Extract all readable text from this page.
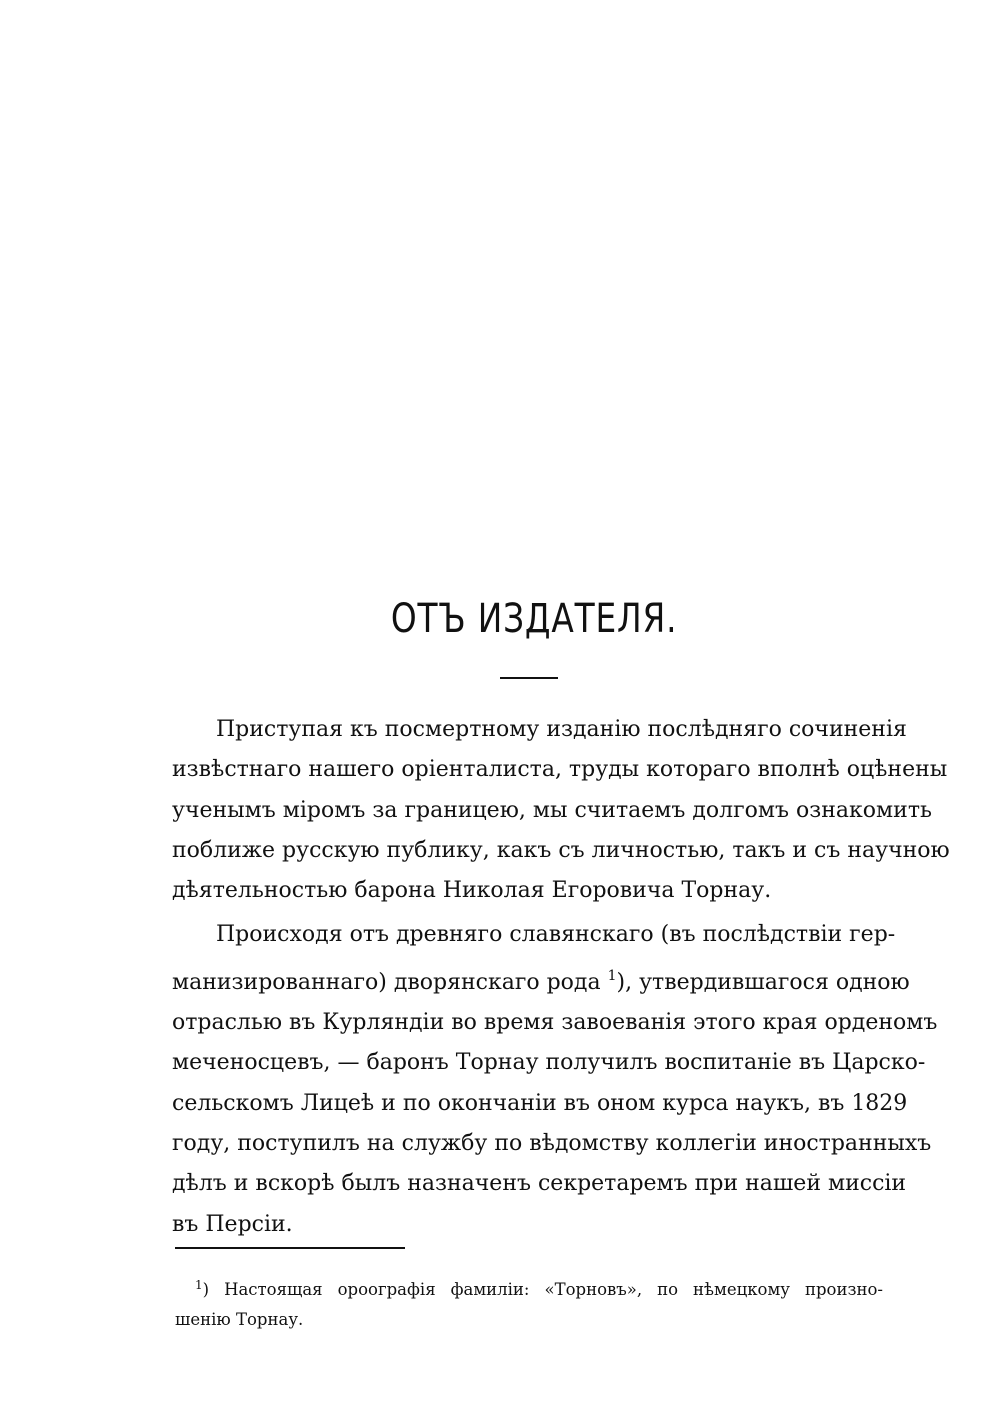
ОТЪ ИЗДАТЕЛЯ.
Приступая къ посмертному изданію послѣдняго сочиненія
извѣстнаго нашего оріенталиста, труды котораго вполнѣ оцѣнены
ученымъ міромъ за границею, мы считаемъ долгомъ ознакомить
поближе русскую публику, какъ съ личностью, такъ и съ научною
дѣятельностью барона Николая Егоровича Торнау.
Происходя отъ древняго славянскаго (въ послѣдствіи гер-
манизированнаго) дворянскаго рода $^1$), утвердившагося одною
отраслью въ Курляндіи во время завоеванія этого края орденомъ
меченосцевъ, — баронъ Торнау получилъ воспитаніе въ Царско-
сельскомъ Лицеѣ и по окончаніи въ оном курса наукъ, въ 1829
году, поступилъ на службу по вѣдомству коллегіи иностранныхъ
дѣлъ и вскорѣ былъ назначенъ секретаремъ при нашей миссіи
въ Персіи.
$^1$) Настоящая ороографія фамиліи: «Торновъ», по нѣмецкому произно-
шенію Торнау.
